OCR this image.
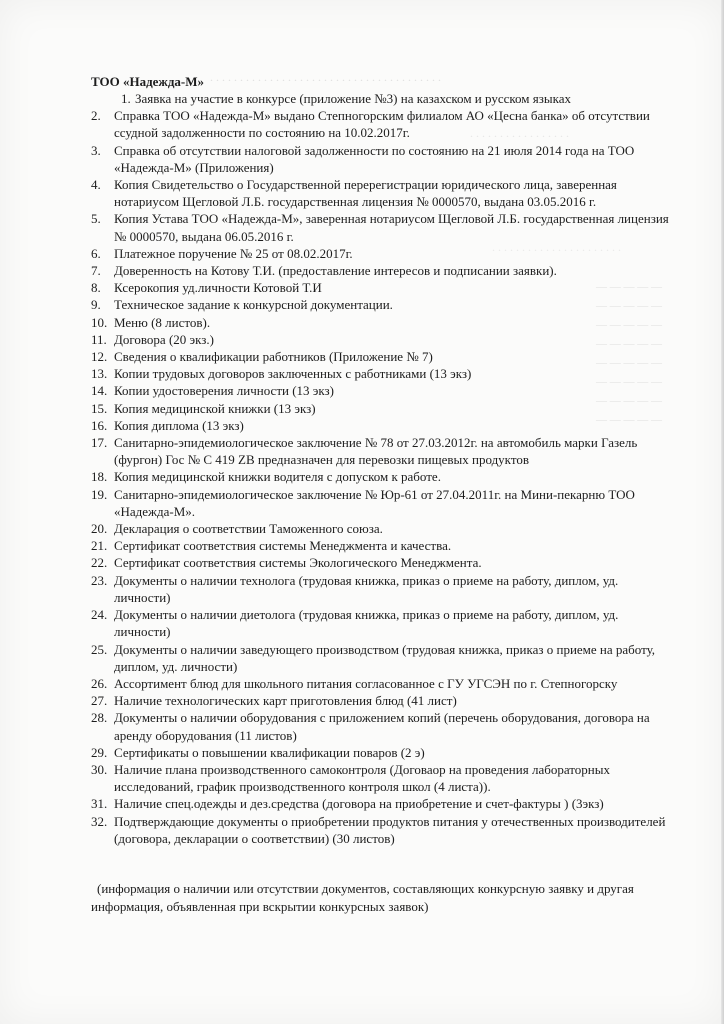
. . . . . . . . . . . . . . . . . . . . . . . . . . . . . . . . . . . . . . .
. . . . . . . . . . . . . . . . .
. . . . . . . . . . . . . . . . . . . . . .
— — — — —
— — — — —
— — — — —
— — — — —
— — — — —
— — — — —
— — — — —
— — — — —
ТОО «Надежда-М»
1. Заявка на участие в конкурсе (приложение №3) на казахском и русском языках
2.	Справка ТОО «Надежда-М» выдано Степногорским филиалом АО «Цесна банка» об отсутствии ссудной задолженности по состоянию на 10.02.2017г.
3.	Справка об отсутствии налоговой задолженности по состоянию на 21 июля 2014 года на ТОО «Надежда-М» (Приложения)
4.	Копия Свидетельство о Государственной перерегистрации юридического лица, заверенная нотариусом Щегловой Л.Б. государственная лицензия № 0000570, выдана 03.05.2016 г.
5.	Копия Устава ТОО «Надежда-М», заверенная нотариусом Щегловой Л.Б. государственная лицензия № 0000570, выдана 06.05.2016 г.
6.	Платежное поручение № 25 от 08.02.2017г.
7.	Доверенность на Котову Т.И. (предоставление интересов и подписании заявки).
8.	Ксерокопия уд.личности Котовой Т.И
9.	Техническое задание к конкурсной документации.
10. Меню (8 листов).
11. Договора (20 экз.)
12. Сведения о квалификации работников (Приложение № 7)
13. Копии трудовых договоров заключенных с работниками (13 экз)
14. Копии удостоверения личности (13 экз)
15. Копия медицинской книжки (13 экз)
16. Копия диплома (13 экз)
17. Санитарно-эпидемиологическое заключение № 78 от 27.03.2012г. на автомобиль марки Газель (фургон) Гос № С 419 ZB предназначен для перевозки пищевых продуктов
18. Копия медицинской книжки водителя с допуском к работе.
19. Санитарно-эпидемиологическое заключение № Юр-61 от 27.04.2011г. на Мини-пекарню ТОО «Надежда-М».
20. Декларация о соответствии Таможенного союза.
21. Сертификат соответствия системы Менеджмента и качества.
22. Сертификат соответствия системы Экологического Менеджмента.
23. Документы о наличии технолога (трудовая книжка, приказ о приеме на работу, диплом, уд. личности)
24. Документы о наличии диетолога (трудовая книжка, приказ о приеме на работу, диплом, уд. личности)
25. Документы о наличии заведующего производством (трудовая книжка, приказ о приеме на работу, диплом, уд. личности)
26. Ассортимент блюд для школьного питания согласованное с ГУ УГСЭН по г. Степногорску
27. Наличие технологических карт приготовления блюд (41 лист)
28. Документы о наличии оборудования с приложением копий (перечень оборудования, договора на аренду оборудования (11 листов)
29. Сертификаты о повышении квалификации поваров (2 э)
30. Наличие плана производственного самоконтроля (Договаор на проведения лабораторных исследований, график производственного контроля школ (4 листа)).
31. Наличие спец.одежды и дез.средства (договора на приобретение и счет-фактуры ) (3экз)
32. Подтверждающие документы о приобретении продуктов питания у отечественных производителей (договора, декларации о соответствии) (30 листов)
(информация о наличии или отсутствии документов, составляющих конкурсную заявку и другая информация, объявленная при вскрытии конкурсных заявок)
